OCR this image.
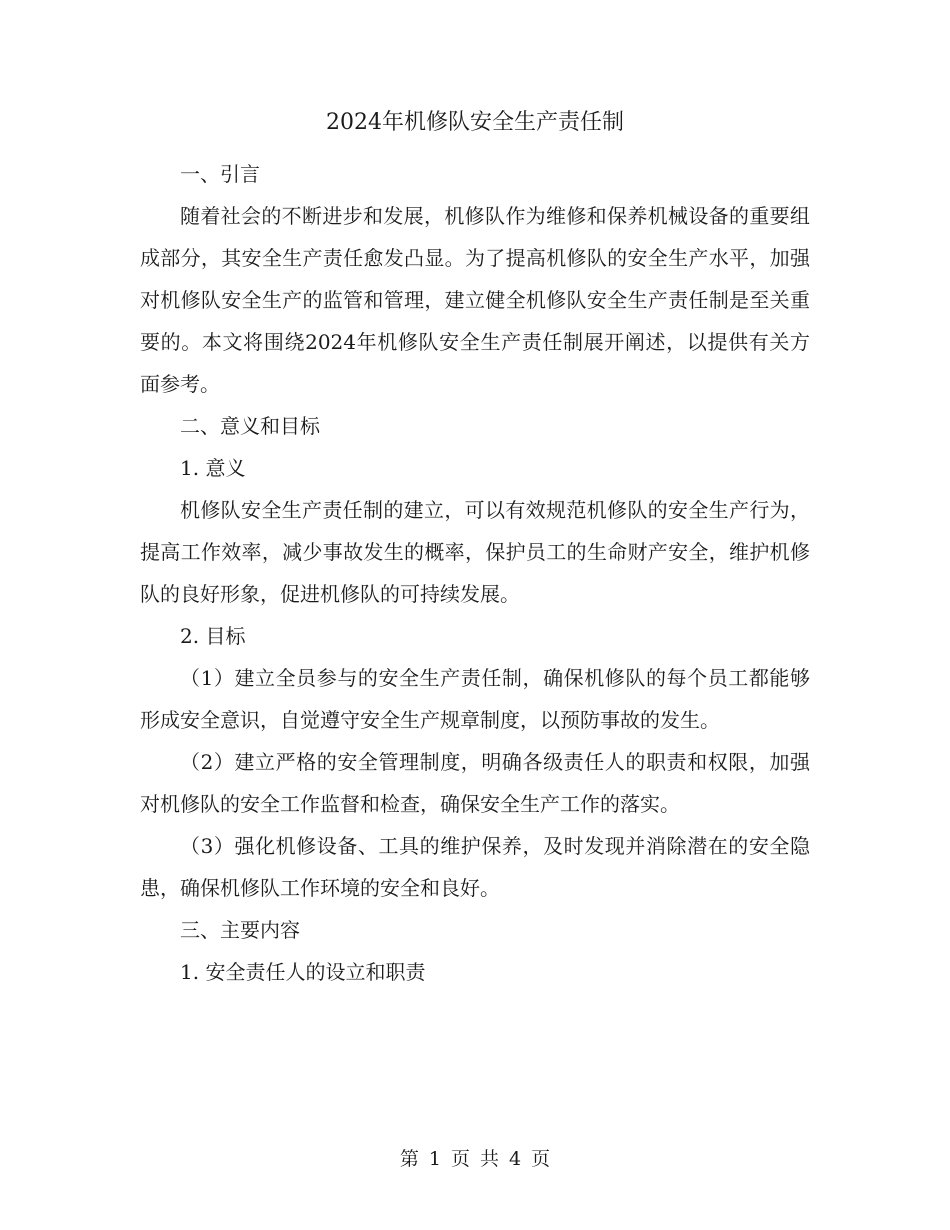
2024年机修队安全生产责任制

一、引言

随着社会的不断进步和发展，机修队作为维修和保养机械设备的重要组成部分，其安全生产责任愈发凸显。为了提高机修队的安全生产水平，加强对机修队安全生产的监管和管理，建立健全机修队安全生产责任制是至关重要的。本文将围绕2024年机修队安全生产责任制展开阐述，以提供有关方面参考。

二、意义和目标

1. 意义

机修队安全生产责任制的建立，可以有效规范机修队的安全生产行为，提高工作效率，减少事故发生的概率，保护员工的生命财产安全，维护机修队的良好形象，促进机修队的可持续发展。

2. 目标

（1）建立全员参与的安全生产责任制，确保机修队的每个员工都能够形成安全意识，自觉遵守安全生产规章制度，以预防事故的发生。

（2）建立严格的安全管理制度，明确各级责任人的职责和权限，加强对机修队的安全工作监督和检查，确保安全生产工作的落实。

（3）强化机修设备、工具的维护保养，及时发现并消除潜在的安全隐患，确保机修队工作环境的安全和良好。

三、主要内容

1. 安全责任人的设立和职责

第 1 页 共 4 页
